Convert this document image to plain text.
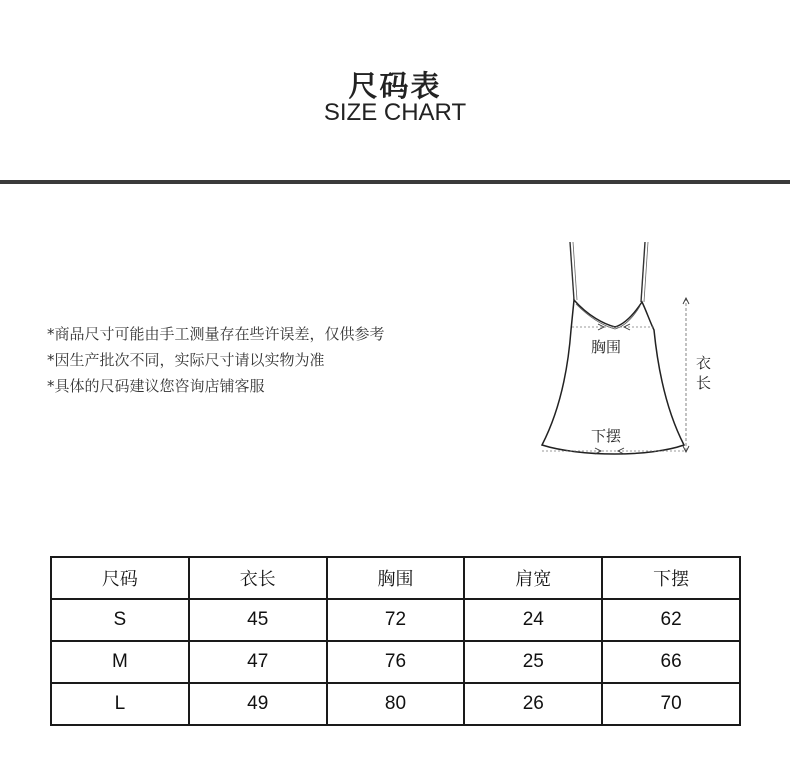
尺码表
SIZE CHART
*商品尺寸可能由手工测量存在些许误差，仅供参考
*因生产批次不同，实际尺寸请以实物为准
*具体的尺码建议您咨询店铺客服
胸围
衣
长
下摆
尺码	衣长	胸围	肩宽	下摆
S	45	72	24	62
M	47	76	25	66
L	49	80	26	70
